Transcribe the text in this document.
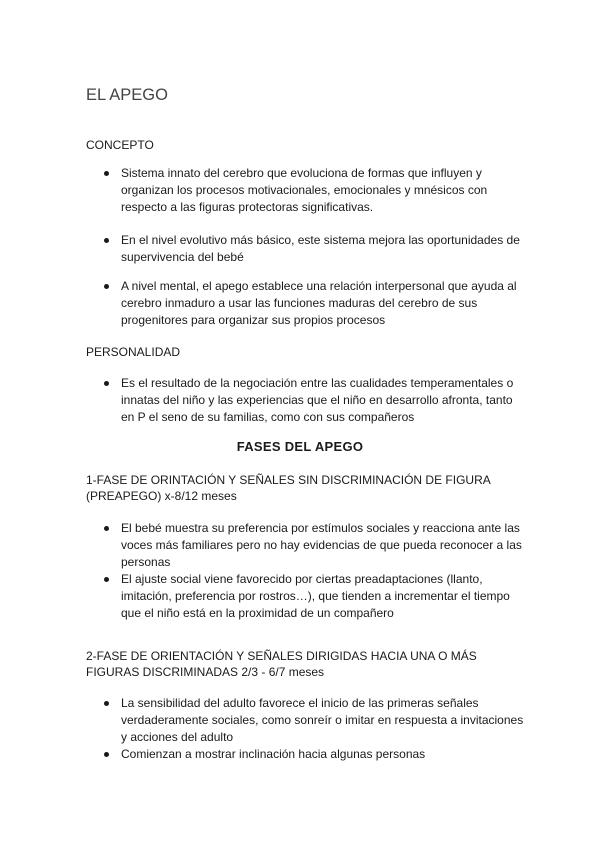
EL APEGO

CONCEPTO

Sistema innato del cerebro que evoluciona de formas que influyen y organizan los procesos motivacionales, emocionales y mnésicos con respecto a las figuras protectoras significativas.
En el nivel evolutivo más básico, este sistema mejora las oportunidades de supervivencia del bebé
A nivel mental, el apego establece una relación interpersonal que ayuda al cerebro inmaduro a usar las funciones maduras del cerebro de sus progenitores para organizar sus propios procesos

PERSONALIDAD

Es el resultado de la negociación entre las cualidades temperamentales o innatas del niño y las experiencias que el niño en desarrollo afronta, tanto en P el seno de su familias, como con sus compañeros

FASES DEL APEGO

1-FASE DE ORINTACIÓN Y SEÑALES SIN DISCRIMINACIÓN DE FIGURA (PREAPEGO) x-8/12 meses

El bebé muestra su preferencia por estímulos sociales y reacciona ante las voces más familiares pero no hay evidencias de que pueda reconocer a las personas
El ajuste social viene favorecido por ciertas preadaptaciones (llanto, imitación, preferencia por rostros…), que tienden a incrementar el tiempo que el niño está en la proximidad de un compañero

2-FASE DE ORIENTACIÓN Y SEÑALES DIRIGIDAS HACIA UNA O MÁS FIGURAS DISCRIMINADAS 2/3 - 6/7 meses

La sensibilidad del adulto favorece el inicio de las primeras señales verdaderamente sociales, como sonreír o imitar en respuesta a invitaciones y acciones del adulto
Comienzan a mostrar inclinación hacia algunas personas
